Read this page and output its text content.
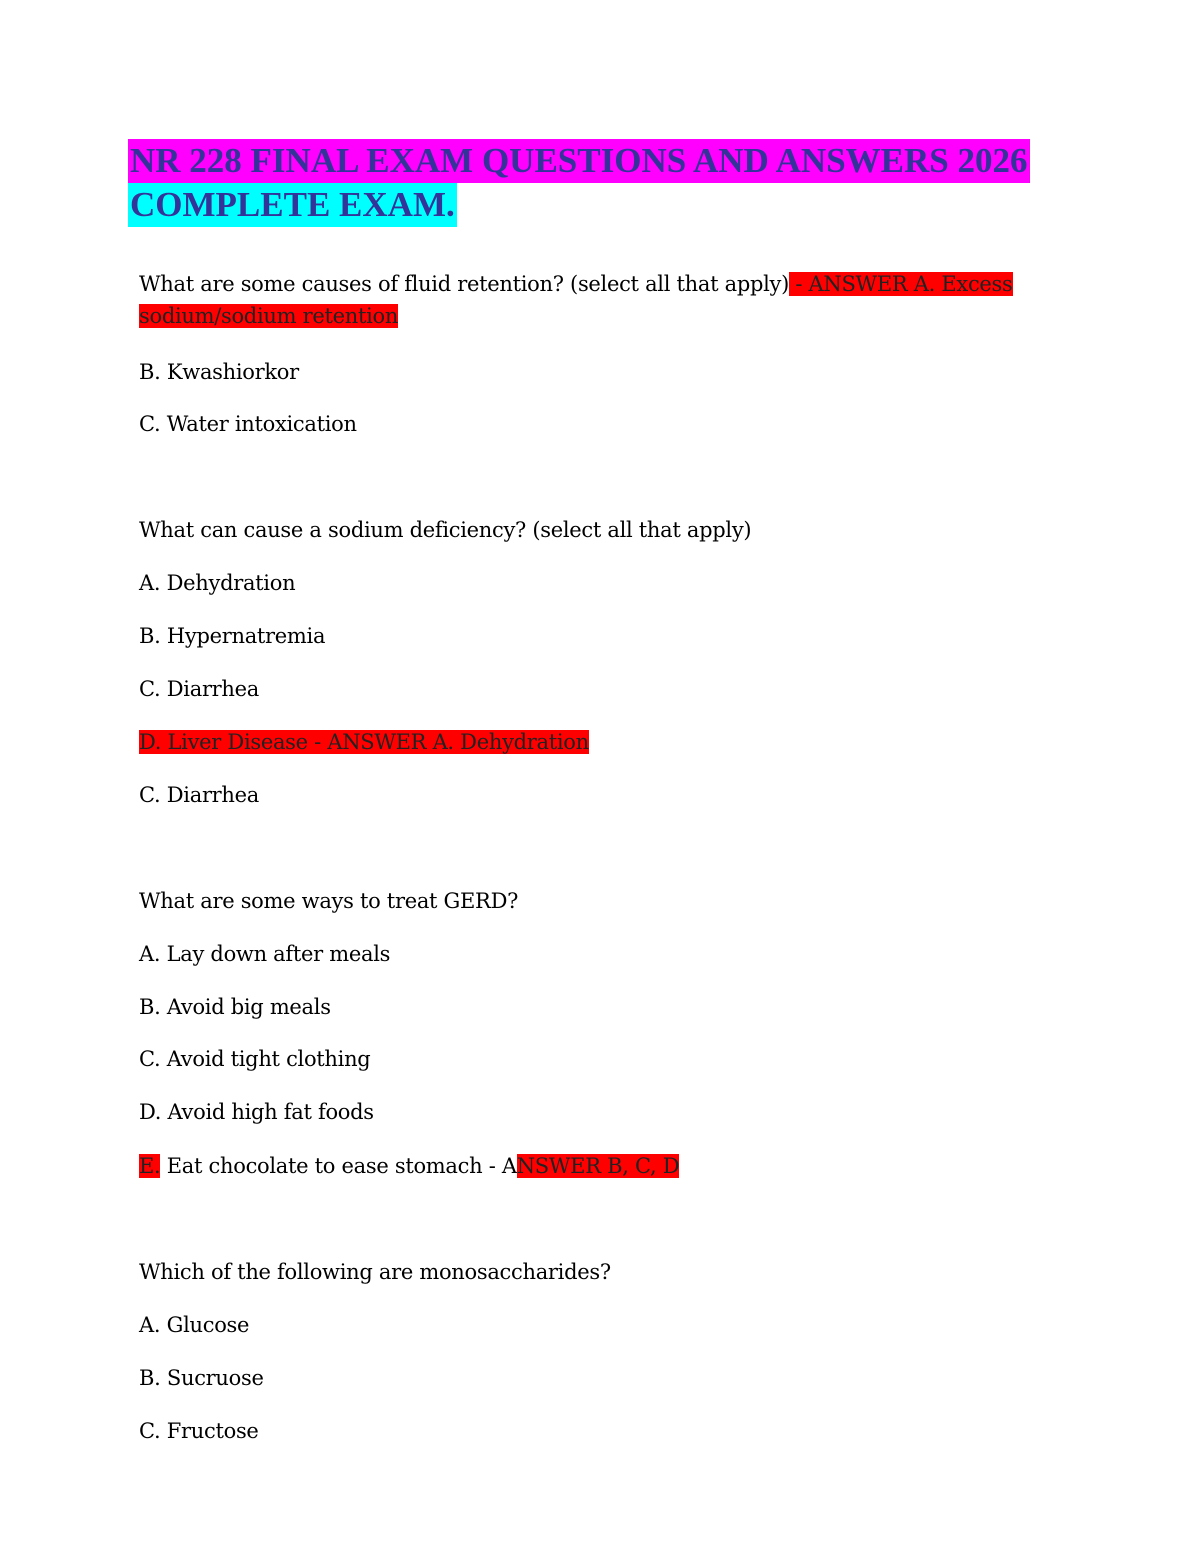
NR 228 FINAL EXAM QUESTIONS AND ANSWERS 2026
COMPLETE EXAM.
What are some causes of fluid retention? (select all that apply) - ANSWER A. Excess
sodium/sodium retention
B. Kwashiorkor
C. Water intoxication
What can cause a sodium deficiency? (select all that apply)
A. Dehydration
B. Hypernatremia
C. Diarrhea
D. Liver Disease - ANSWER A. Dehydration
C. Diarrhea
What are some ways to treat GERD?
A. Lay down after meals
B. Avoid big meals
C. Avoid tight clothing
D. Avoid high fat foods
E. Eat chocolate to ease stomach - ANSWER B, C, D
Which of the following are monosaccharides?
A. Glucose
B. Sucruose
C. Fructose
